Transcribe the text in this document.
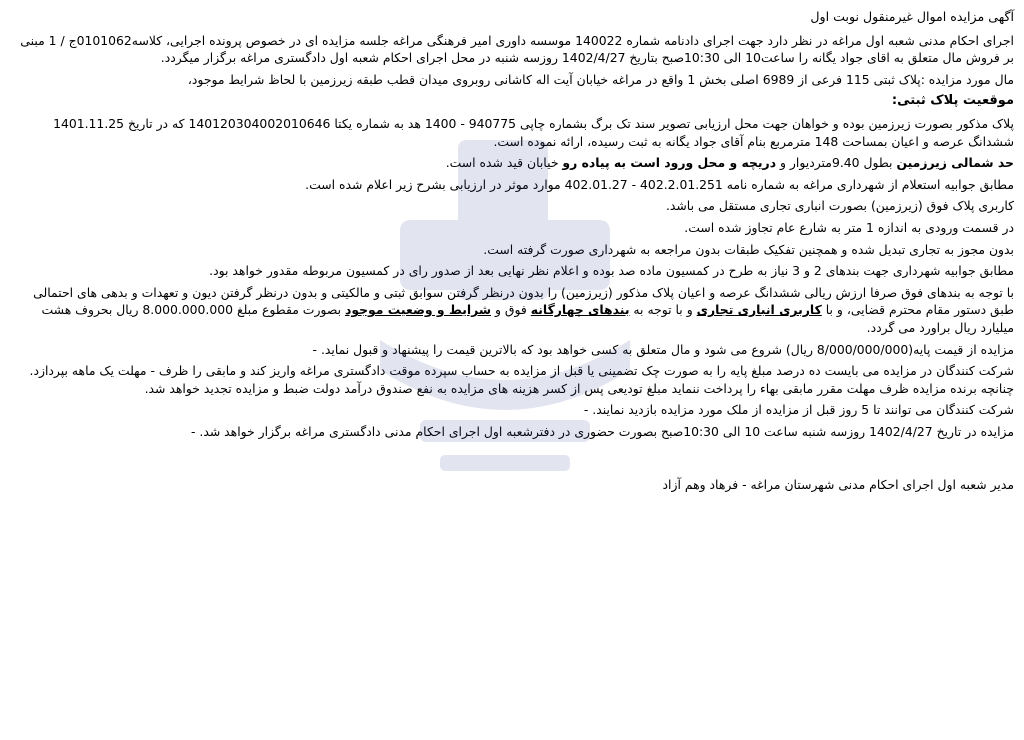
آگهی مزایده اموال غیرمنقول نوبت اول
اجرای احکام مدنی شعبه اول مراغه در نظر دارد جهت اجرای دادنامه شماره 140022 موسسه داوری امیر فرهنگی مراغه جلسه مزایده ای در خصوص پرونده اجرایی، کلاسه0101062ج / 1 مبنی بر فروش مال متعلق به اقای جواد یگانه را ساعت10 الی 10:30صبح بتاریخ 1402/4/27 روزسه شنبه در محل اجرای احکام شعبه اول دادگستری مراغه برگزار میگردد.
مال مورد مزایده :پلاک ثبتی 115 فرعی از 6989 اصلی بخش 1 واقع در مراغه خیابان آیت اله کاشانی روبروی میدان قطب طبقه زیرزمین با لحاظ شرایط موجود،
موقعیت پلاک ثبتی:
پلاک مذکور بصورت زیرزمین بوده و خواهان جهت محل ارزیابی تصویر سند تک برگ بشماره چاپی 940775 - 1400 هد به شماره یکتا 140120304002010646 که در تاریخ 1401.11.25 ششدانگ عرصه و اعیان بمساحت 148 مترمربع بنام آقای جواد یگانه به ثبت رسیده، ارائه نموده است.
حد شمالی زیرزمین بطول 9.40متردیوار و دریچه و محل ورود است به پیاده رو خیابان قید شده است.
مطابق جوابیه استعلام از شهرداری مراغه به شماره نامه 402.2.01.251 - 402.01.27 موارد موثر در ارزیابی بشرح زیر اعلام شده است.
کاربری پلاک فوق (زیرزمین) بصورت انباری تجاری مستقل می باشد.
در قسمت ورودی به اندازه 1 متر به شارع عام تجاوز شده است.
بدون مجوز به تجاری تبدیل شده و همچنین تفکیک طبقات بدون مراجعه به شهرداری صورت گرفته است.
مطابق جوابیه شهرداری جهت بندهای 2 و 3 نیاز به طرح در کمسیون ماده صد بوده و اعلام نظر نهایی بعد از صدور رای در کمسیون مربوطه مقدور خواهد بود.
با توجه به بندهای فوق صرفا ارزش ریالی ششدانگ عرصه و اعیان پلاک مذکور (زیرزمین) را بدون درنظر گرفتن سوابق ثبتی و مالکیتی و بدون درنظر گرفتن دیون و تعهدات و بدهی های احتمالی طبق دستور مقام محترم قضایی، و با کاربری انباری تجاری و با توجه به بندهای چهارگانه فوق و شرایط و وضعیت موجود بصورت مقطوع مبلغ 8.000.000.000 ریال بحروف هشت میلیارد ریال براورد می گردد.
مزایده از قیمت پایه(8/000/000/000 ریال) شروع می شود و مال متعلق به کسی خواهد بود که بالاترین قیمت را پیشنهاد و قبول نماید. -
شرکت کنندگان در مزایده می بایست ده درصد مبلغ پایه را به صورت چک تضمینی یا قبل از مزایده به حساب سپرده موقت دادگستری مراغه واریز کند و مابقی را ظرف - مهلت یک ماهه بپردازد. چنانچه برنده مزایده ظرف مهلت مقرر مابقی بهاء را پرداخت ننماید مبلغ تودیعی پس از کسر هزینه های مزایده به نفع صندوق درآمد دولت ضبط و مزایده تجدید خواهد شد.
شرکت کنندگان می توانند تا 5 روز قبل از مزایده از ملک مورد مزایده بازدید نمایند. -
مزایده در تاریخ 1402/4/27 روزسه شنبه ساعت 10 الی 10:30صبح بصورت حضوری در دفترشعبه اول اجرای احکام مدنی دادگستری مراغه برگزار خواهد شد. -
مدیر شعبه اول اجرای احکام مدنی شهرستان مراغه - فرهاد وهم آزاد
